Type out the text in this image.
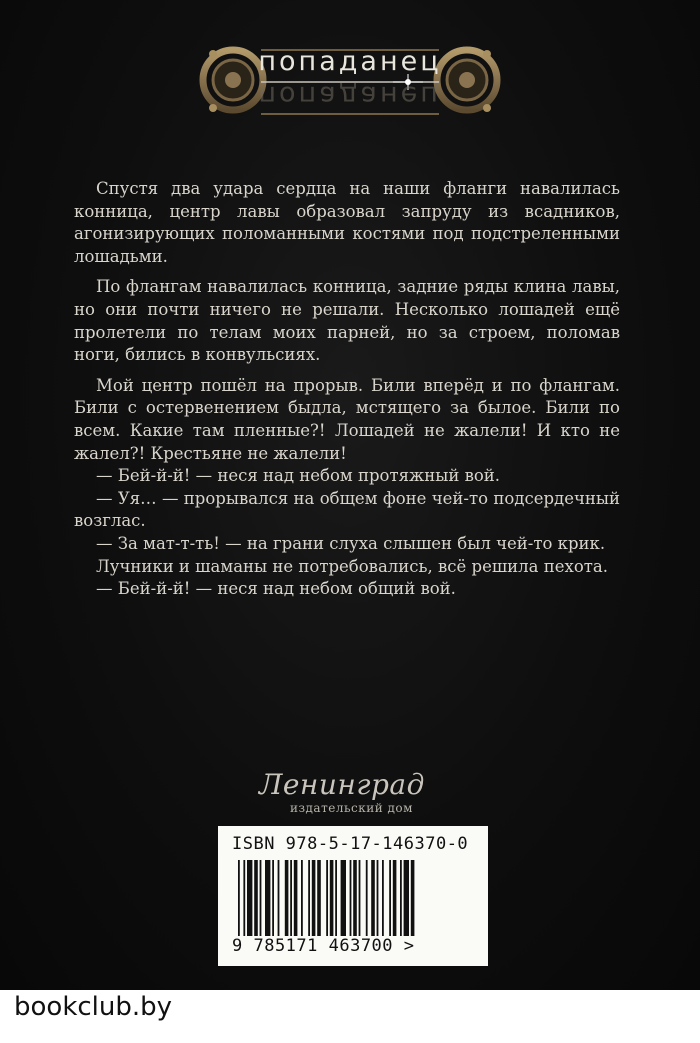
попаданец
попаданец

Спустя два удара сердца на наши фланги навалилась конница, центр лавы образовал запруду из всадников, агонизирующих поломанными костями под подстреленными лошадьми.

По флангам навалилась конница, задние ряды клина лавы, но они почти ничего не решали. Несколько лошадей ещё пролетели по телам моих парней, но за строем, поломав ноги, бились в конвульсиях.

Мой центр пошёл на прорыв. Били вперёд и по флангам. Били с остервенением быдла, мстящего за былое. Били по всем. Какие там пленные?! Лошадей не жалели! И кто не жалел?! Крестьяне не жалели!

— Бей-й-й! — неся над небом протяжный вой.

— Уя… — прорывался на общем фоне чей-то подсердечный возглас.

— За мат-т-ть! — на грани слуха слышен был чей-то крик.

Лучники и шаманы не потребовались, всё решила пехота.

— Бей-й-й! — неся над небом общий вой.

Ленинград
издательский дом
ISBN 978-5-17-146370-0
9 785171 463700 >
bookclub.by
